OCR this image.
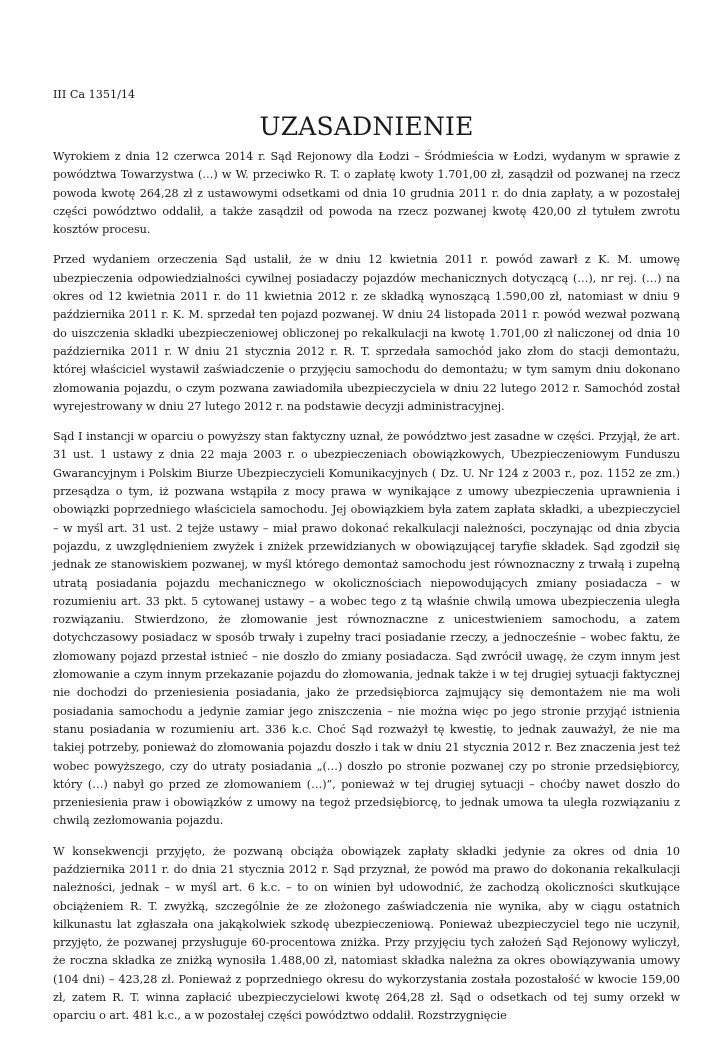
III Ca 1351/14
UZASADNIENIE

Wyrokiem z dnia 12 czerwca 2014 r. Sąd Rejonowy dla Łodzi – Śródmieścia w Łodzi, wydanym w sprawie z powództwa Towarzystwa (…) w W. przeciwko R. T. o zapłatę kwoty 1.701,00 zł, zasądził od pozwanej na rzecz powoda kwotę 264,28 zł z ustawowymi odsetkami od dnia 10 grudnia 2011 r. do dnia zapłaty, a w pozostałej części powództwo oddalił, a także zasądził od powoda na rzecz pozwanej kwotę 420,00 zł tytułem zwrotu kosztów procesu.

Przed wydaniem orzeczenia Sąd ustalił, że w dniu 12 kwietnia 2011 r. powód zawarł z K. M. umowę ubezpieczenia odpowiedzialności cywilnej posiadaczy pojazdów mechanicznych dotyczącą (…), nr rej. (…) na okres od 12 kwietnia 2011 r. do 11 kwietnia 2012 r. ze składką wynoszącą 1.590,00 zł, natomiast w dniu 9 października 2011 r. K. M. sprzedał ten pojazd pozwanej. W dniu 24 listopada 2011 r. powód wezwał pozwaną do uiszczenia składki ubezpieczeniowej obliczonej po rekalkulacji na kwotę 1.701,00 zł naliczonej od dnia 10 października 2011 r. W dniu 21 stycznia 2012 r. R. T. sprzedała samochód jako złom do stacji demontażu, której właściciel wystawił zaświadczenie o przyjęciu samochodu do demontażu; w tym samym dniu dokonano złomowania pojazdu, o czym pozwana zawiadomiła ubezpieczyciela w dniu 22 lutego 2012 r. Samochód został wyrejestrowany w dniu 27 lutego 2012 r. na podstawie decyzji administracyjnej.

Sąd I instancji w oparciu o powyższy stan faktyczny uznał, że powództwo jest zasadne w części. Przyjął, że art. 31 ust. 1 ustawy z dnia 22 maja 2003 r. o ubezpieczeniach obowiązkowych, Ubezpieczeniowym Funduszu Gwarancyjnym i Polskim Biurze Ubezpieczycieli Komunikacyjnych ( Dz. U. Nr 124 z 2003 r., poz. 1152 ze zm.) przesądza o tym, iż pozwana wstąpiła z mocy prawa w wynikające z umowy ubezpieczenia uprawnienia i obowiązki poprzedniego właściciela samochodu. Jej obowiązkiem była zatem zapłata składki, a ubezpieczyciel – w myśl art. 31 ust. 2 tejże ustawy – miał prawo dokonać rekalkulacji należności, poczynając od dnia zbycia pojazdu, z uwzględnieniem zwyżek i zniżek przewidzianych w obowiązującej taryfie składek. Sąd zgodził się jednak ze stanowiskiem pozwanej, w myśl którego demontaż samochodu jest równoznaczny z trwałą i zupełną utratą posiadania pojazdu mechanicznego w okolicznościach niepowodujących zmiany posiadacza – w rozumieniu art. 33 pkt. 5 cytowanej ustawy – a wobec tego z tą właśnie chwilą umowa ubezpieczenia uległa rozwiązaniu. Stwierdzono, że złomowanie jest równoznaczne z unicestwieniem samochodu, a zatem dotychczasowy posiadacz w sposób trwały i zupełny traci posiadanie rzeczy, a jednocześnie – wobec faktu, że złomowany pojazd przestał istnieć – nie doszło do zmiany posiadacza. Sąd zwrócił uwagę, że czym innym jest złomowanie a czym innym przekazanie pojazdu do złomowania, jednak także i w tej drugiej sytuacji faktycznej nie dochodzi do przeniesienia posiadania, jako że przedsiębiorca zajmujący się demontażem nie ma woli posiadania samochodu a jedynie zamiar jego zniszczenia – nie można więc po jego stronie przyjąć istnienia stanu posiadania w rozumieniu art. 336 k.c. Choć Sąd rozważył tę kwestię, to jednak zauważył, że nie ma takiej potrzeby, ponieważ do złomowania pojazdu doszło i tak w dniu 21 stycznia 2012 r. Bez znaczenia jest też wobec powyższego, czy do utraty posiadania „(…) doszło po stronie pozwanej czy po stronie przedsiębiorcy, który (…) nabył go przed ze złomowaniem (…)”, ponieważ w tej drugiej sytuacji – choćby nawet doszło do przeniesienia praw i obowiązków z umowy na tegoż przedsiębiorcę, to jednak umowa ta uległa rozwiązaniu z chwilą zezłomowania pojazdu.

W konsekwencji przyjęto, że pozwaną obciąża obowiązek zapłaty składki jedynie za okres od dnia 10 października 2011 r. do dnia 21 stycznia 2012 r. Sąd przyznał, że powód ma prawo do dokonania rekalkulacji należności, jednak – w myśl art. 6 k.c. – to on winien był udowodnić, że zachodzą okoliczności skutkujące obciążeniem R. T. zwyżką, szczególnie że ze złożonego zaświadczenia nie wynika, aby w ciągu ostatnich kilkunastu lat zgłaszała ona jakąkolwiek szkodę ubezpieczeniową. Ponieważ ubezpieczyciel tego nie uczynił, przyjęto, że pozwanej przysługuje 60-procentowa zniżka. Przy przyjęciu tych założeń Sąd Rejonowy wyliczył, że roczna składka ze zniżką wynosiła 1.488,00 zł, natomiast składka należna za okres obowiązywania umowy (104 dni) – 423,28 zł. Ponieważ z poprzedniego okresu do wykorzystania została pozostałość w kwocie 159,00 zł, zatem R. T. winna zapłacić ubezpieczycielowi kwotę 264,28 zł. Sąd o odsetkach od tej sumy orzekł w oparciu o art. 481 k.c., a w pozostałej części powództwo oddalił. Rozstrzygnięcie
